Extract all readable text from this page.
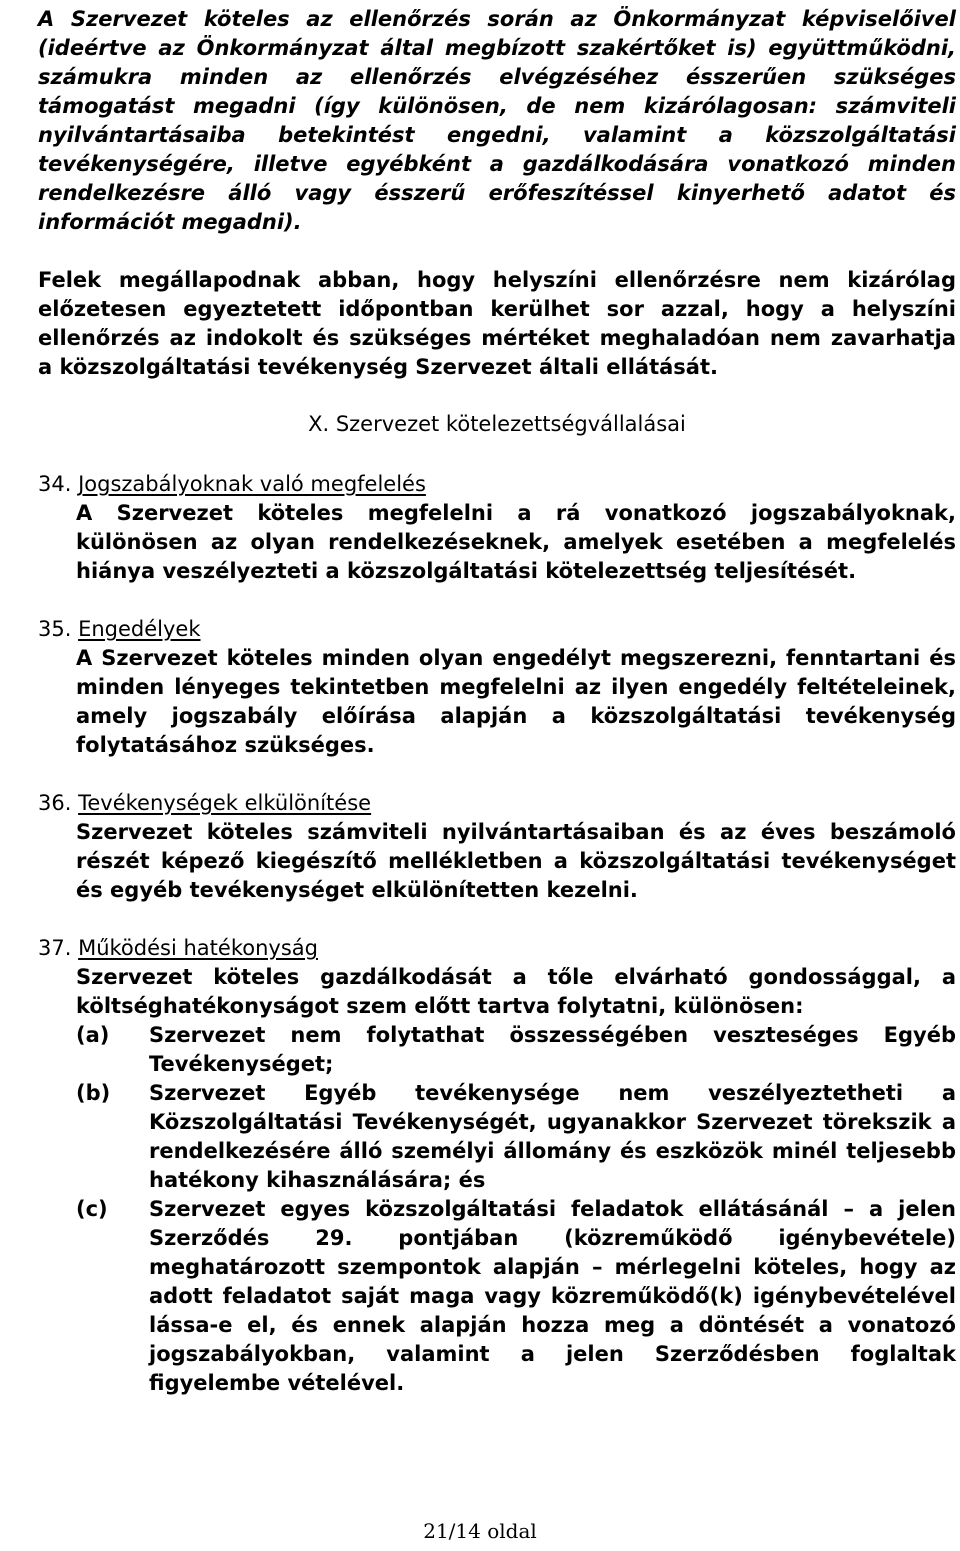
A Szervezet köteles az ellenőrzés során az Önkormányzat képviselőivel (ideértve az Önkormányzat által megbízott szakértőket is) együttműködni, számukra minden az ellenőrzés elvégzéséhez ésszerűen szükséges támogatást megadni (így különösen, de nem kizárólagosan: számviteli nyilvántartásaiba betekintést engedni, valamint a közszolgáltatási tevékenységére, illetve egyébként a gazdálkodására vonatkozó minden rendelkezésre álló vagy ésszerű erőfeszítéssel kinyerhető adatot és információt megadni).

Felek megállapodnak abban, hogy helyszíni ellenőrzésre nem kizárólag előzetesen egyeztetett időpontban kerülhet sor azzal, hogy a helyszíni ellenőrzés az indokolt és szükséges mértéket meghaladóan nem zavarhatja a közszolgáltatási tevékenység Szervezet általi ellátását.

X. Szervezet kötelezettségvállalásai

34. Jogszabályoknak való megfelelés

A Szervezet köteles megfelelni a rá vonatkozó jogszabályoknak, különösen az olyan rendelkezéseknek, amelyek esetében a megfelelés hiánya veszélyezteti a közszolgáltatási kötelezettség teljesítését.

35. Engedélyek

A Szervezet köteles minden olyan engedélyt megszerezni, fenntartani és minden lényeges tekintetben megfelelni az ilyen engedély feltételeinek, amely jogszabály előírása alapján a közszolgáltatási tevékenység folytatásához szükséges.

36. Tevékenységek elkülönítése

Szervezet köteles számviteli nyilvántartásaiban és az éves beszámoló részét képező kiegészítő mellékletben a közszolgáltatási tevékenységet és egyéb tevékenységet elkülönítetten kezelni.

37. Működési hatékonyság

Szervezet köteles gazdálkodását a tőle elvárható gondossággal, a költséghatékonyságot szem előtt tartva folytatni, különösen:

(a)	Szervezet nem folytathat összességében veszteséges Egyéb Tevékenységet;

(b)	Szervezet Egyéb tevékenysége nem veszélyeztetheti a Közszolgáltatási Tevékenységét, ugyanakkor Szervezet törekszik a rendelkezésére álló személyi állomány és eszközök minél teljesebb hatékony kihasználására; és

(c)	Szervezet egyes közszolgáltatási feladatok ellátásánál – a jelen Szerződés 29. pontjában (közreműködő igénybevétele) meghatározott szempontok alapján – mérlegelni köteles, hogy az adott feladatot saját maga vagy közreműködő(k) igénybevételével lássa-e el, és ennek alapján hozza meg a döntését a vonatozó jogszabályokban, valamint a jelen Szerződésben foglaltak figyelembe vételével.

21/14 oldal
